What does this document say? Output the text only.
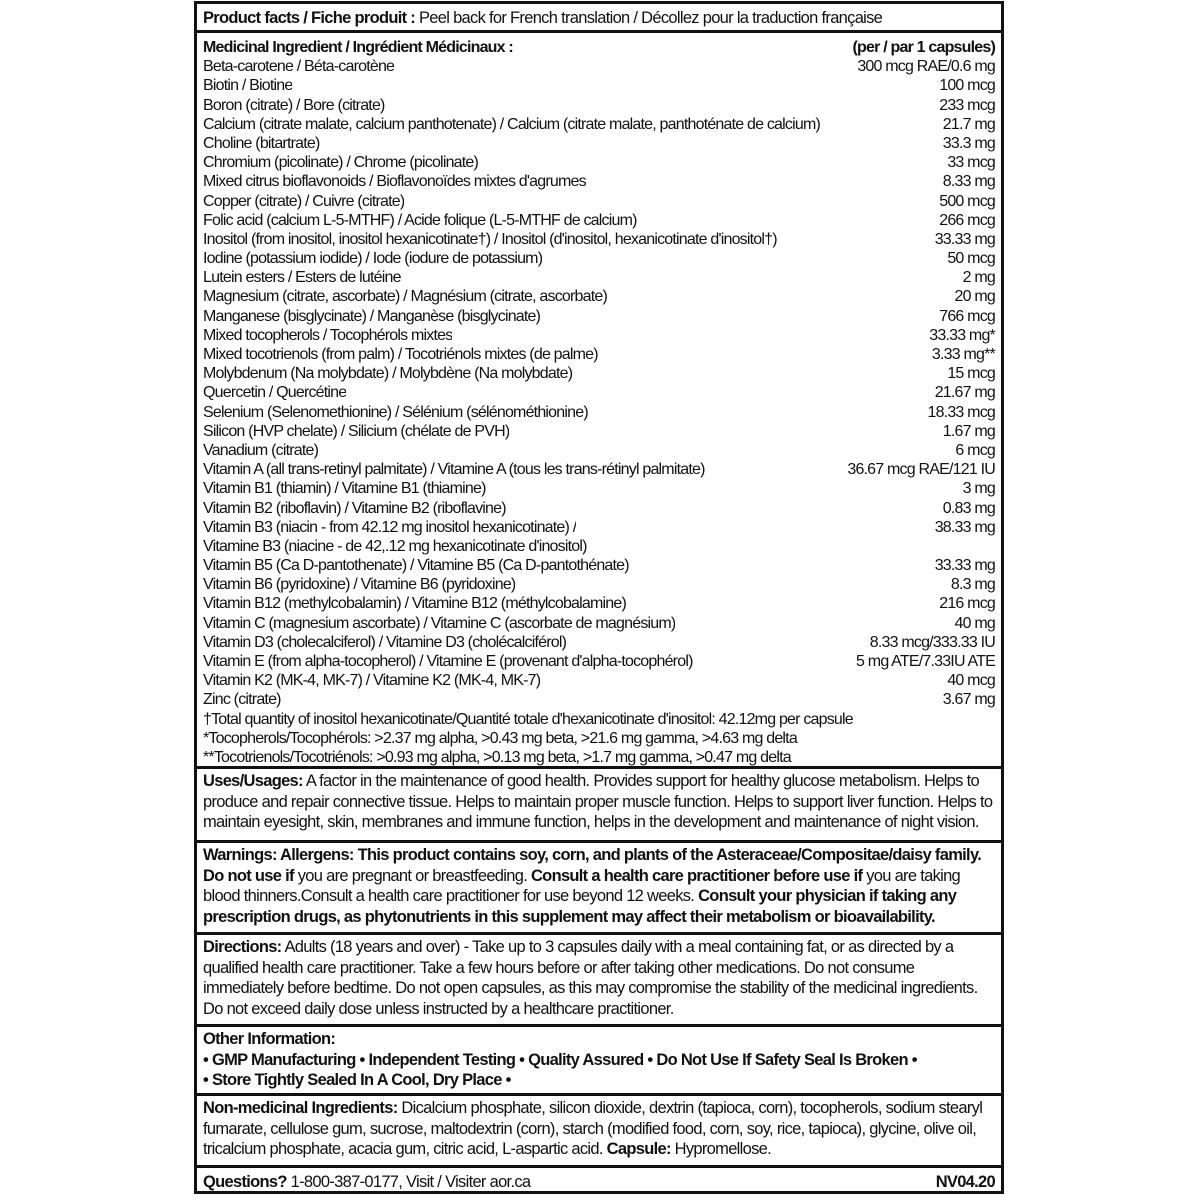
Product facts / Fiche produit : Peel back for French translation / Décollez pour la traduction française
Medicinal Ingredient / Ingrédient Médicinaux :	(per / par 1 capsules)
Beta-carotene / Béta-carotène	300 mcg RAE/0.6 mg
Biotin / Biotine	100 mcg
Boron (citrate) / Bore (citrate)	233 mcg
Calcium (citrate malate, calcium panthotenate) / Calcium (citrate malate, panthoténate de calcium)	21.7 mg
Choline (bitartrate)	33.3 mg
Chromium (picolinate) / Chrome (picolinate)	33 mcg
Mixed citrus bioflavonoids / Bioflavonoïdes mixtes d'agrumes	8.33 mg
Copper (citrate) / Cuivre (citrate)	500 mcg
Folic acid (calcium L-5-MTHF) / Acide folique (L-5-MTHF de calcium)	266 mcg
Inositol (from inositol, inositol hexanicotinate†) / Inositol (d'inositol, hexanicotinate d'inositol†)	33.33 mg
Iodine (potassium iodide) / Iode (iodure de potassium)	50 mcg
Lutein esters / Esters de lutéine	2 mg
Magnesium (citrate, ascorbate) / Magnésium (citrate, ascorbate)	20 mg
Manganese (bisglycinate) / Manganèse (bisglycinate)	766 mcg
Mixed tocopherols / Tocophérols mixtes	33.33 mg*
Mixed tocotrienols (from palm) / Tocotriénols mixtes (de palme)	3.33 mg**
Molybdenum (Na molybdate) / Molybdène (Na molybdate)	15 mcg
Quercetin / Quercétine	21.67 mg
Selenium (Selenomethionine) / Sélénium (sélénométhionine)	18.33 mcg
Silicon (HVP chelate) / Silicium (chélate de PVH)	1.67 mg
Vanadium (citrate)	6 mcg
Vitamin A (all trans-retinyl palmitate) / Vitamine A (tous les trans-rétinyl palmitate)	36.67 mcg RAE/121 IU
Vitamin B1 (thiamin) / Vitamine B1 (thiamine)	3 mg
Vitamin B2 (riboflavin) / Vitamine B2 (riboflavine)	0.83 mg
Vitamin B3 (niacin - from 42.12 mg inositol hexanicotinate) /	38.33 mg
Vitamine B3 (niacine - de 42,.12 mg hexanicotinate d'inositol)
Vitamin B5 (Ca D-pantothenate) / Vitamine B5 (Ca D-pantothénate)	33.33 mg
Vitamin B6 (pyridoxine) / Vitamine B6 (pyridoxine)	8.3 mg
Vitamin B12 (methylcobalamin) / Vitamine B12 (méthylcobalamine)	216 mcg
Vitamin C (magnesium ascorbate) / Vitamine C (ascorbate de magnésium)	40 mg
Vitamin D3 (cholecalciferol) / Vitamine D3 (cholécalciférol)	8.33 mcg/333.33 IU
Vitamin E (from alpha-tocopherol) / Vitamine E (provenant d'alpha-tocophérol)	5 mg ATE/7.33IU ATE
Vitamin K2 (MK-4, MK-7) / Vitamine K2 (MK-4, MK-7)	40 mcg
Zinc (citrate)	3.67 mg
†Total quantity of inositol hexanicotinate/Quantité totale d'hexanicotinate d'inositol: 42.12mg per capsule
*Tocopherols/Tocophérols: >2.37 mg alpha, >0.43 mg beta, >21.6 mg gamma, >4.63 mg delta
**Tocotrienols/Tocotriénols: >0.93 mg alpha, >0.13 mg beta, >1.7 mg gamma, >0.47 mg delta
Uses/Usages: A factor in the maintenance of good health. Provides support for healthy glucose metabolism. Helps to produce and repair connective tissue. Helps to maintain proper muscle function. Helps to support liver function. Helps to maintain eyesight, skin, membranes and immune function, helps in the development and maintenance of night vision.
Warnings: Allergens: This product contains soy, corn, and plants of the Asteraceae/Compositae/daisy family. Do not use if you are pregnant or breastfeeding. Consult a health care practitioner before use if you are taking blood thinners.Consult a health care practitioner for use beyond 12 weeks. Consult your physician if taking any prescription drugs, as phytonutrients in this supplement may affect their metabolism or bioavailability.
Directions: Adults (18 years and over) - Take up to 3 capsules daily with a meal containing fat, or as directed by a qualified health care practitioner. Take a few hours before or after taking other medications. Do not consume immediately before bedtime. Do not open capsules, as this may compromise the stability of the medicinal ingredients. Do not exceed daily dose unless instructed by a healthcare practitioner.
Other Information:
• GMP Manufacturing • Independent Testing • Quality Assured • Do Not Use If Safety Seal Is Broken •
• Store Tightly Sealed In A Cool, Dry Place •
Non-medicinal Ingredients: Dicalcium phosphate, silicon dioxide, dextrin (tapioca, corn), tocopherols, sodium stearyl fumarate, cellulose gum, sucrose, maltodextrin (corn), starch (modified food, corn, soy, rice, tapioca), glycine, olive oil, tricalcium phosphate, acacia gum, citric acid, L-aspartic acid. Capsule: Hypromellose.
Questions? 1-800-387-0177, Visit / Visiter aor.ca	NV04.20
